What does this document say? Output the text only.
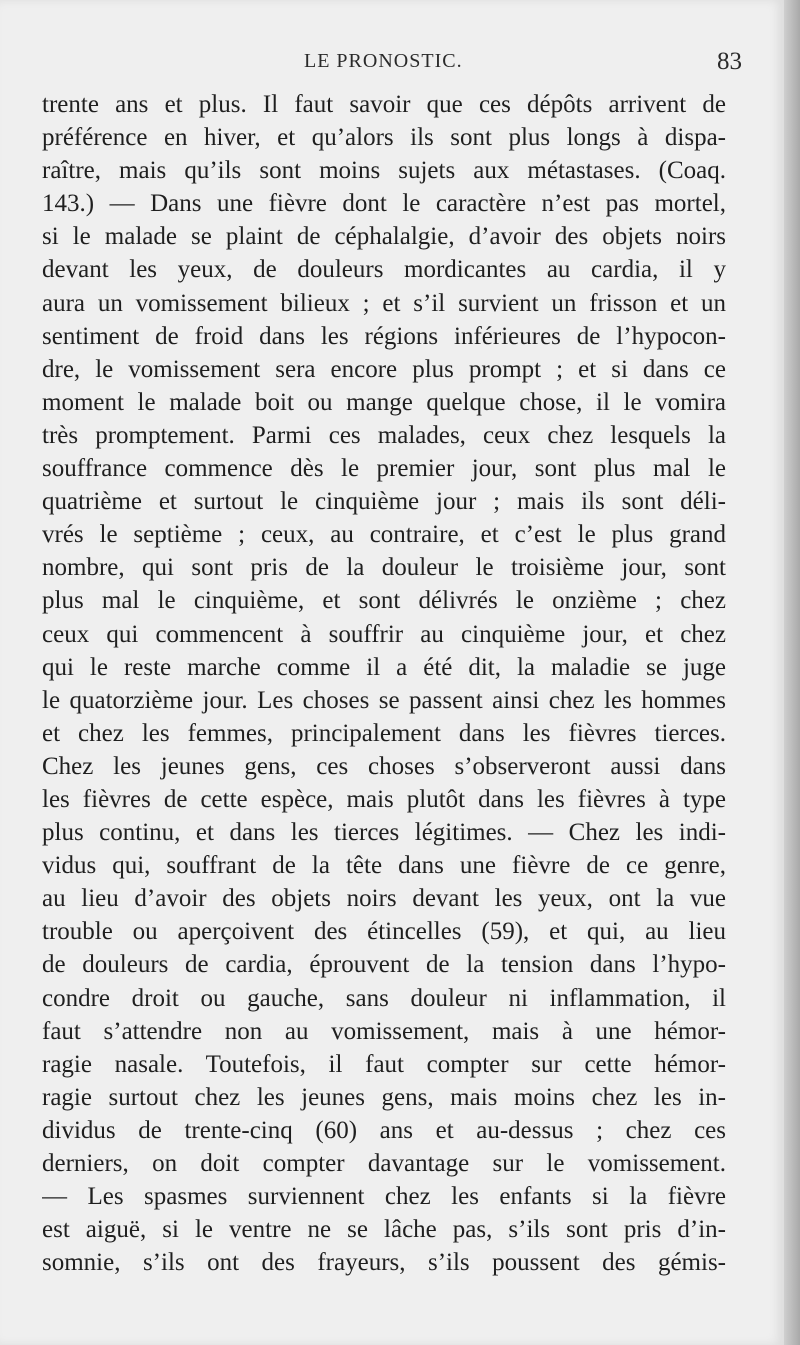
LE PRONOSTIC.	83
trente ans et plus. Il faut savoir que ces dépôts arrivent de
préférence en hiver, et qu’alors ils sont plus longs à dispa-
raître, mais qu’ils sont moins sujets aux métastases. (Coaq.
143.) — Dans une fièvre dont le caractère n’est pas mortel,
si le malade se plaint de céphalalgie, d’avoir des objets noirs
devant les yeux, de douleurs mordicantes au cardia, il y
aura un vomissement bilieux ; et s’il survient un frisson et un
sentiment de froid dans les régions inférieures de l’hypocon-
dre, le vomissement sera encore plus prompt ; et si dans ce
moment le malade boit ou mange quelque chose, il le vomira
très promptement. Parmi ces malades, ceux chez lesquels la
souffrance commence dès le premier jour, sont plus mal le
quatrième et surtout le cinquième jour ; mais ils sont déli-
vrés le septième ; ceux, au contraire, et c’est le plus grand
nombre, qui sont pris de la douleur le troisième jour, sont
plus mal le cinquième, et sont délivrés le onzième ; chez
ceux qui commencent à souffrir au cinquième jour, et chez
qui le reste marche comme il a été dit, la maladie se juge
le quatorzième jour. Les choses se passent ainsi chez les hommes
et chez les femmes, principalement dans les fièvres tierces.
Chez les jeunes gens, ces choses s’observeront aussi dans
les fièvres de cette espèce, mais plutôt dans les fièvres à type
plus continu, et dans les tierces légitimes. — Chez les indi-
vidus qui, souffrant de la tête dans une fièvre de ce genre,
au lieu d’avoir des objets noirs devant les yeux, ont la vue
trouble ou aperçoivent des étincelles (59), et qui, au lieu
de douleurs de cardia, éprouvent de la tension dans l’hypo-
condre droit ou gauche, sans douleur ni inflammation, il
faut s’attendre non au vomissement, mais à une hémor-
ragie nasale. Toutefois, il faut compter sur cette hémor-
ragie surtout chez les jeunes gens, mais moins chez les in-
dividus de trente-cinq (60) ans et au-dessus ; chez ces
derniers, on doit compter davantage sur le vomissement.
— Les spasmes surviennent chez les enfants si la fièvre
est aiguë, si le ventre ne se lâche pas, s’ils sont pris d’in-
somnie, s’ils ont des frayeurs, s’ils poussent des gémis-
